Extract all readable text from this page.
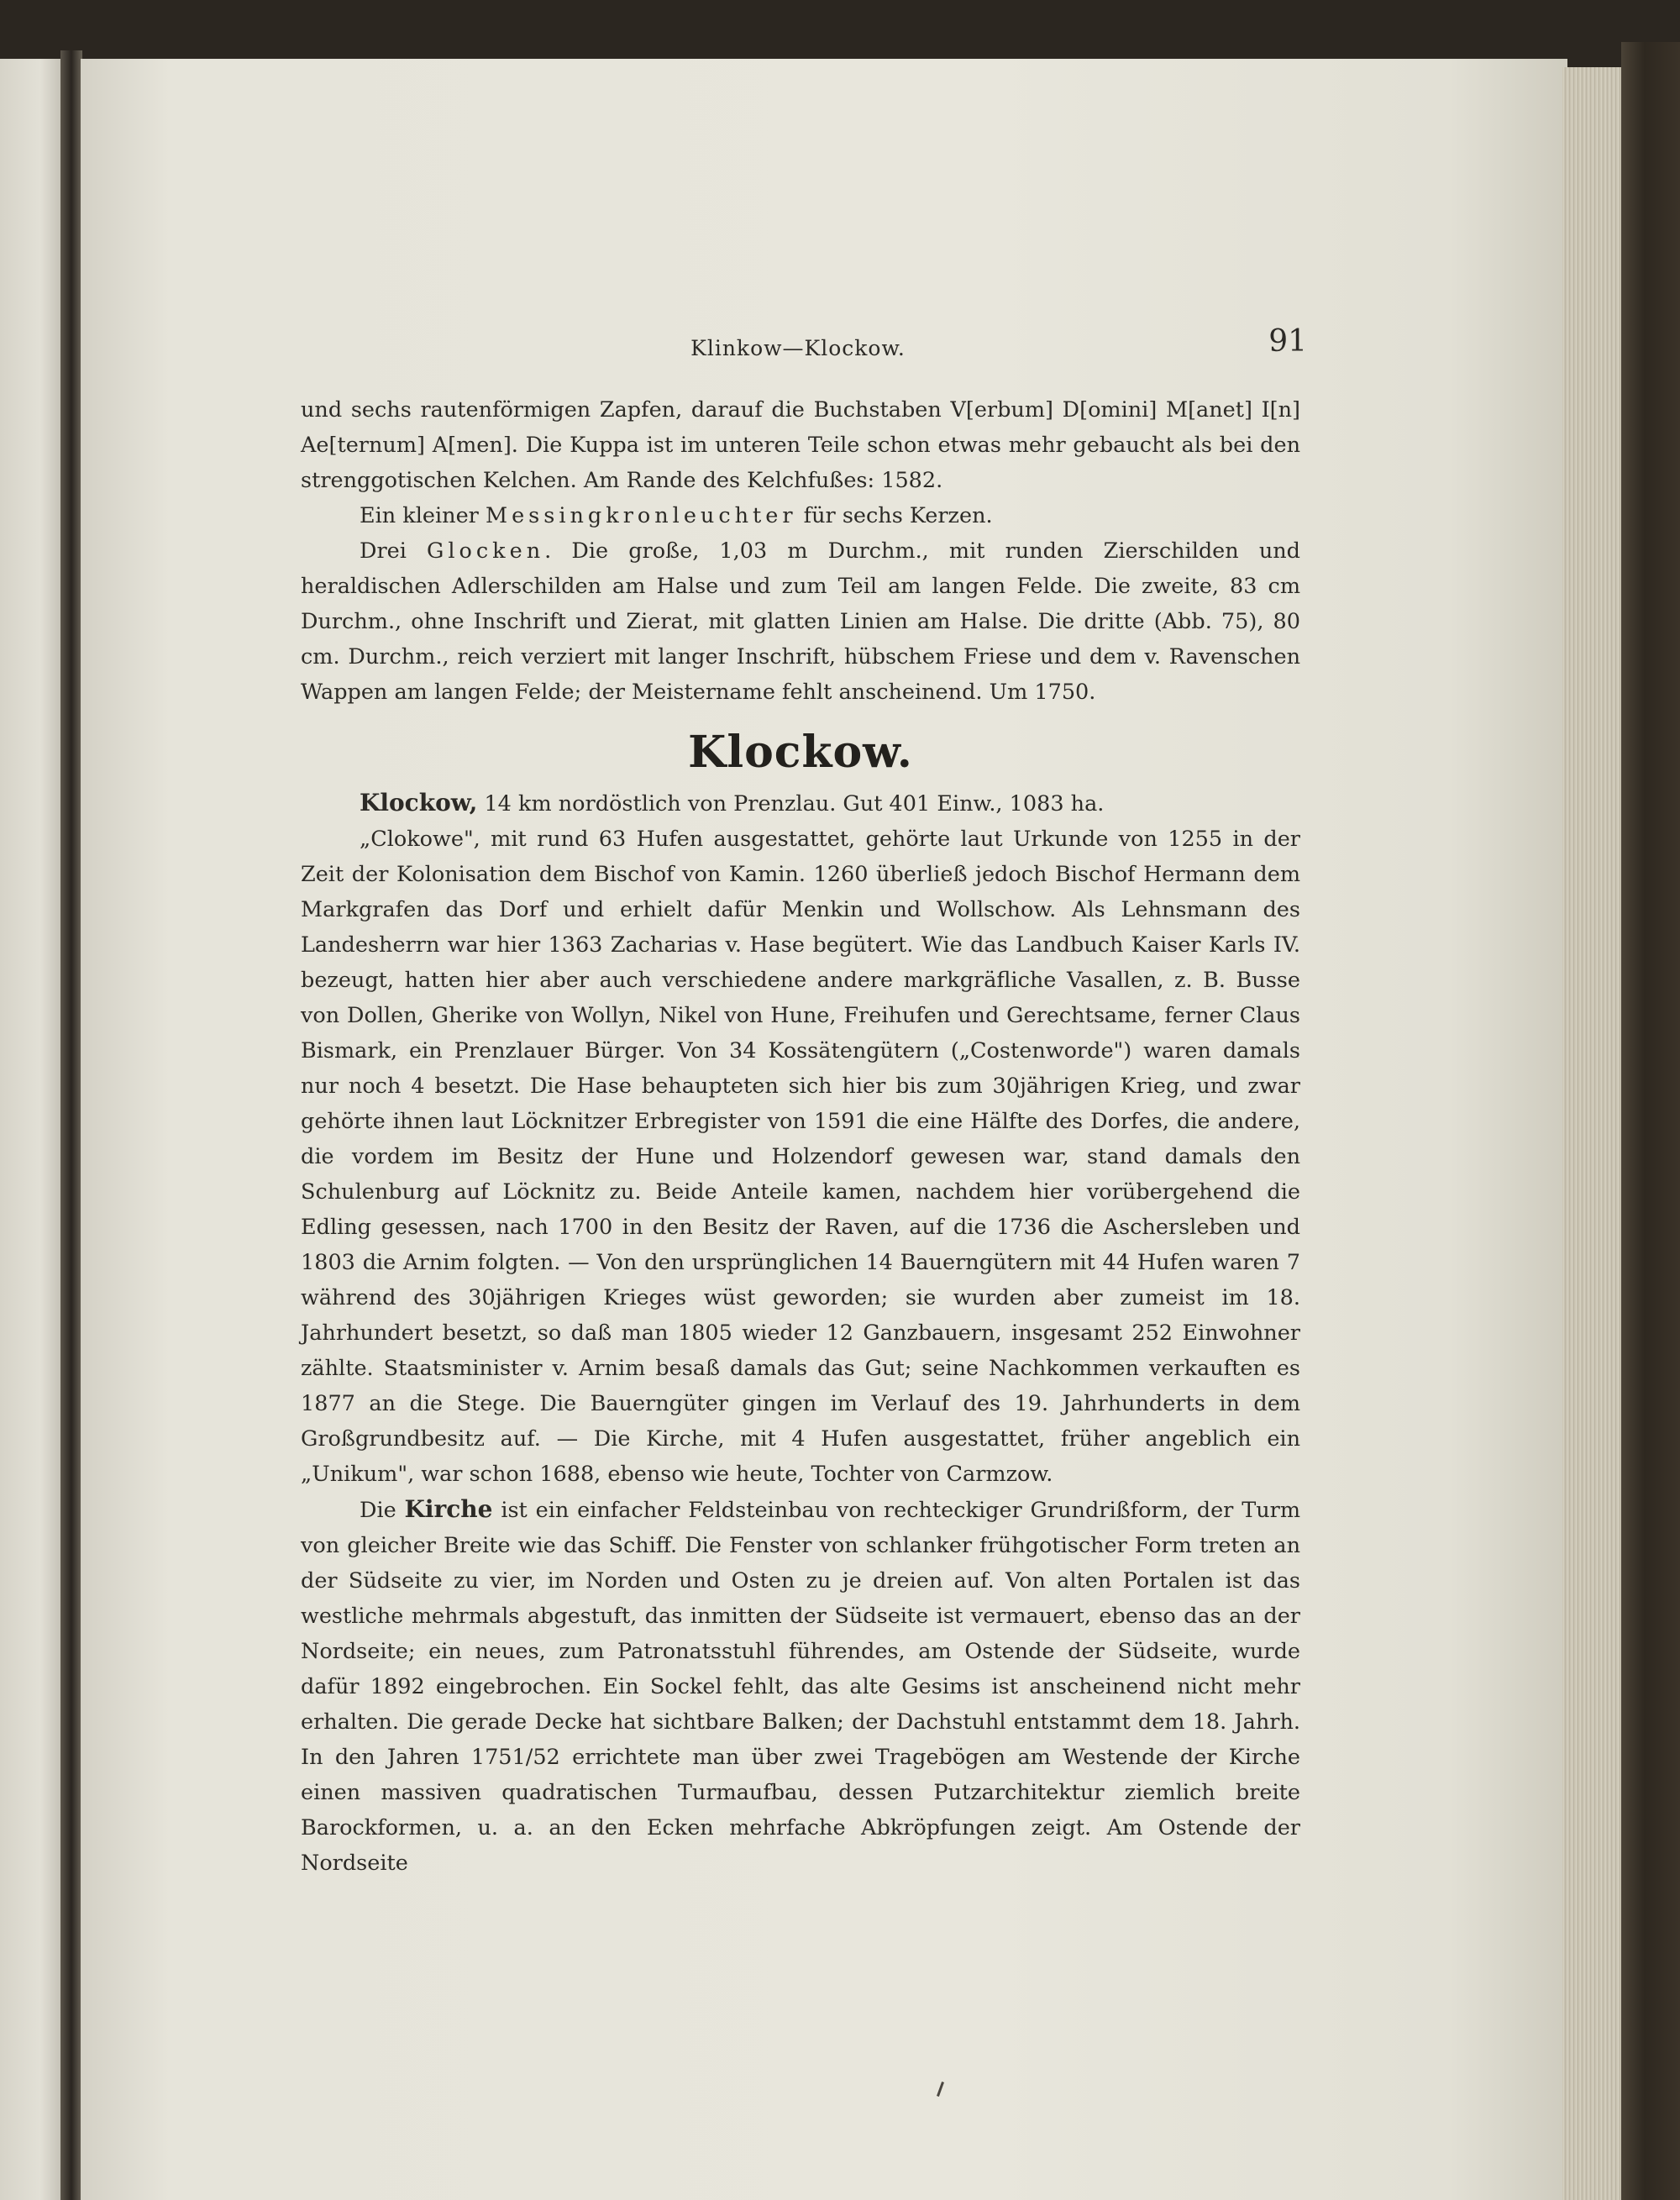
Klinkow—Klockow.	91

und sechs rautenförmigen Zapfen, darauf die Buchstaben V[erbum] D[omini] M[anet] I[n] Ae[ternum] A[men]. Die Kuppa ist im unteren Teile schon etwas mehr gebaucht als bei den strenggotischen Kelchen. Am Rande des Kelchfußes: 1582.

Ein kleiner Messingkronleuchter für sechs Kerzen.

Drei Glocken. Die große, 1,03 m Durchm., mit runden Zierschilden und heraldischen Adlerschilden am Halse und zum Teil am langen Felde. Die zweite, 83 cm Durchm., ohne Inschrift und Zierat, mit glatten Linien am Halse. Die dritte (Abb. 75), 80 cm. Durchm., reich verziert mit langer Inschrift, hübschem Friese und dem v. Ravenschen Wappen am langen Felde; der Meistername fehlt anscheinend. Um 1750.

Klockow.

Klockow, 14 km nordöstlich von Prenzlau. Gut 401 Einw., 1083 ha.

„Clokowe", mit rund 63 Hufen ausgestattet, gehörte laut Urkunde von 1255 in der Zeit der Kolonisation dem Bischof von Kamin. 1260 überließ jedoch Bischof Hermann dem Markgrafen das Dorf und erhielt dafür Menkin und Wollschow. Als Lehnsmann des Landesherrn war hier 1363 Zacharias v. Hase begütert. Wie das Landbuch Kaiser Karls IV. bezeugt, hatten hier aber auch verschiedene andere markgräfliche Vasallen, z. B. Busse von Dollen, Gherike von Wollyn, Nikel von Hune, Freihufen und Gerechtsame, ferner Claus Bismark, ein Prenzlauer Bürger. Von 34 Kossätengütern („Costenworde") waren damals nur noch 4 besetzt. Die Hase behaupteten sich hier bis zum 30jährigen Krieg, und zwar gehörte ihnen laut Löcknitzer Erbregister von 1591 die eine Hälfte des Dorfes, die andere, die vordem im Besitz der Hune und Holzendorf gewesen war, stand damals den Schulenburg auf Löcknitz zu. Beide Anteile kamen, nachdem hier vorübergehend die Edling gesessen, nach 1700 in den Besitz der Raven, auf die 1736 die Aschersleben und 1803 die Arnim folgten. — Von den ursprünglichen 14 Bauerngütern mit 44 Hufen waren 7 während des 30jährigen Krieges wüst geworden; sie wurden aber zumeist im 18. Jahrhundert besetzt, so daß man 1805 wieder 12 Ganzbauern, insgesamt 252 Einwohner zählte. Staatsminister v. Arnim besaß damals das Gut; seine Nachkommen verkauften es 1877 an die Stege. Die Bauerngüter gingen im Verlauf des 19. Jahrhunderts in dem Großgrundbesitz auf. — Die Kirche, mit 4 Hufen ausgestattet, früher angeblich ein „Unikum", war schon 1688, ebenso wie heute, Tochter von Carmzow.

Die Kirche ist ein einfacher Feldsteinbau von rechteckiger Grundrißform, der Turm von gleicher Breite wie das Schiff. Die Fenster von schlanker frühgotischer Form treten an der Südseite zu vier, im Norden und Osten zu je dreien auf. Von alten Portalen ist das westliche mehrmals abgestuft, das inmitten der Südseite ist vermauert, ebenso das an der Nordseite; ein neues, zum Patronatsstuhl führendes, am Ostende der Südseite, wurde dafür 1892 eingebrochen. Ein Sockel fehlt, das alte Gesims ist anscheinend nicht mehr erhalten. Die gerade Decke hat sichtbare Balken; der Dachstuhl entstammt dem 18. Jahrh. In den Jahren 1751/52 errichtete man über zwei Tragebögen am Westende der Kirche einen massiven quadratischen Turmaufbau, dessen Putzarchitektur ziemlich breite Barockformen, u. a. an den Ecken mehrfache Abkröpfungen zeigt. Am Ostende der Nordseite
